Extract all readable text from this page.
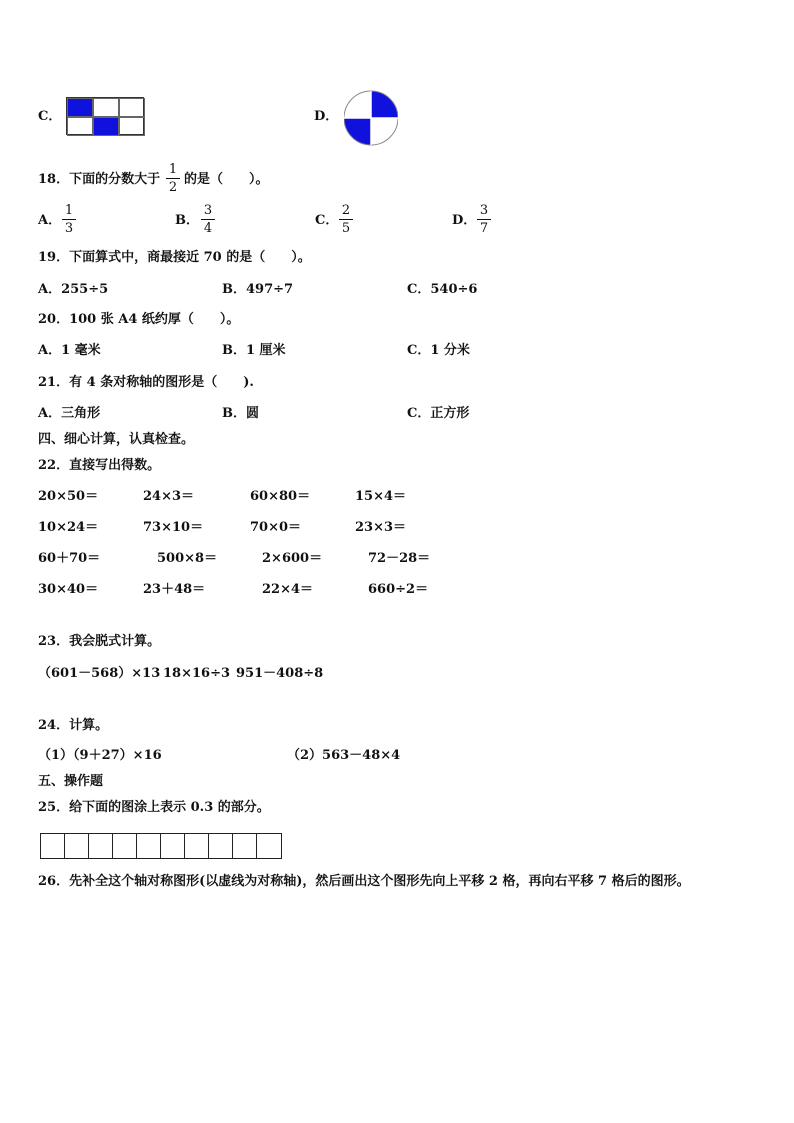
C．	D．
18．下面的分数大于
1
2
的是（　　）。
A．
1
3
B．
3
4
C．
2
5
D．
3
7
19．下面算式中，商最接近 70 的是（　　）。
A．255÷5	B．497÷7	C．540÷6
20．100 张 A4 纸约厚（　　）。
A．1 毫米	B．1 厘米	C．1 分米
21．有 4 条对称轴的图形是（　　).
A．三角形	B．圆	C．正方形
四、细心计算，认真检查。
22．直接写出得数。
20×50＝	24×3＝	60×80＝	15×4＝
10×24＝	73×10＝	70×0＝	23×3＝
60＋70＝	500×8＝	2×600＝	72－28＝
30×40＝	23＋48＝	22×4＝	660÷2＝
23．我会脱式计算。
（601－568）×13 18×16÷3 951－408÷8
24．计算。
（1）（9＋27）×16	（2）563－48×4
五、操作题
25．给下面的图涂上表示 0.3 的部分。
26．先补全这个轴对称图形(以虚线为对称轴)，然后画出这个图形先向上平移 2 格，再向右平移 7 格后的图形。
